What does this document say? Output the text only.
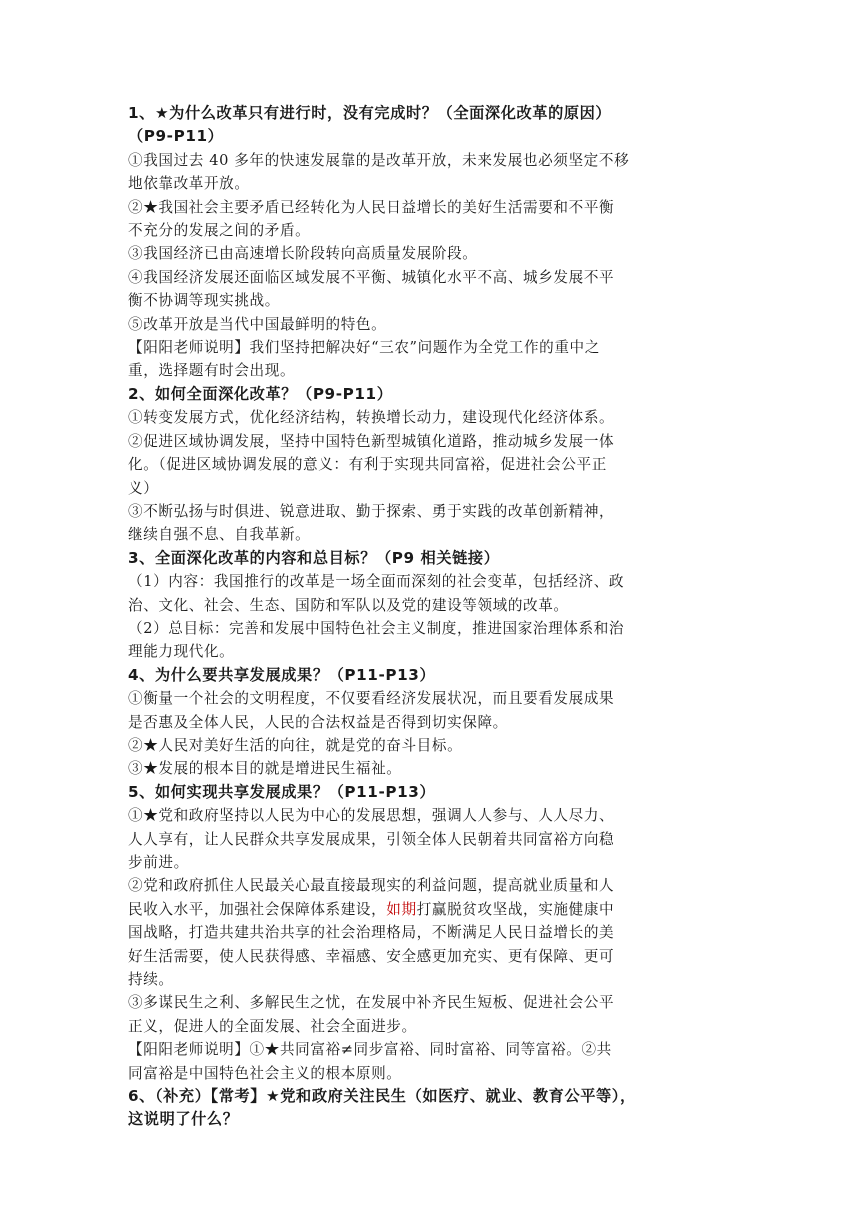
1、★为什么改革只有进行时，没有完成时？（全面深化改革的原因）
（P9-P11）
①我国过去 40 多年的快速发展靠的是改革开放，未来发展也必须坚定不移
地依靠改革开放。
②★我国社会主要矛盾已经转化为人民日益增长的美好生活需要和不平衡
不充分的发展之间的矛盾。
③我国经济已由高速增长阶段转向高质量发展阶段。
④我国经济发展还面临区域发展不平衡、城镇化水平不高、城乡发展不平
衡不协调等现实挑战。
⑤改革开放是当代中国最鲜明的特色。
【阳阳老师说明】我们坚持把解决好“三农”问题作为全党工作的重中之
重，选择题有时会出现。
2、如何全面深化改革？（P9-P11）
①转变发展方式，优化经济结构，转换增长动力，建设现代化经济体系。
②促进区域协调发展，坚持中国特色新型城镇化道路，推动城乡发展一体
化。（促进区域协调发展的意义：有利于实现共同富裕，促进社会公平正
义）
③不断弘扬与时俱进、锐意进取、勤于探索、勇于实践的改革创新精神，
继续自强不息、自我革新。
3、全面深化改革的内容和总目标？（P9 相关链接）
（1）内容：我国推行的改革是一场全面而深刻的社会变革，包括经济、政
治、文化、社会、生态、国防和军队以及党的建设等领域的改革。
（2）总目标：完善和发展中国特色社会主义制度，推进国家治理体系和治
理能力现代化。
4、为什么要共享发展成果？（P11-P13）
①衡量一个社会的文明程度，不仅要看经济发展状况，而且要看发展成果
是否惠及全体人民，人民的合法权益是否得到切实保障。
②★人民对美好生活的向往，就是党的奋斗目标。
③★发展的根本目的就是增进民生福祉。
5、如何实现共享发展成果？（P11-P13）
①★党和政府坚持以人民为中心的发展思想，强调人人参与、人人尽力、
人人享有，让人民群众共享发展成果，引领全体人民朝着共同富裕方向稳
步前进。
②党和政府抓住人民最关心最直接最现实的利益问题，提高就业质量和人
民收入水平，加强社会保障体系建设，如期打赢脱贫攻坚战，实施健康中
国战略，打造共建共治共享的社会治理格局，不断满足人民日益增长的美
好生活需要，使人民获得感、幸福感、安全感更加充实、更有保障、更可
持续。
③多谋民生之利、多解民生之忧，在发展中补齐民生短板、促进社会公平
正义，促进人的全面发展、社会全面进步。
【阳阳老师说明】①★共同富裕≠同步富裕、同时富裕、同等富裕。②共
同富裕是中国特色社会主义的根本原则。
6、（补充）【常考】★党和政府关注民生（如医疗、就业、教育公平等），
这说明了什么？
